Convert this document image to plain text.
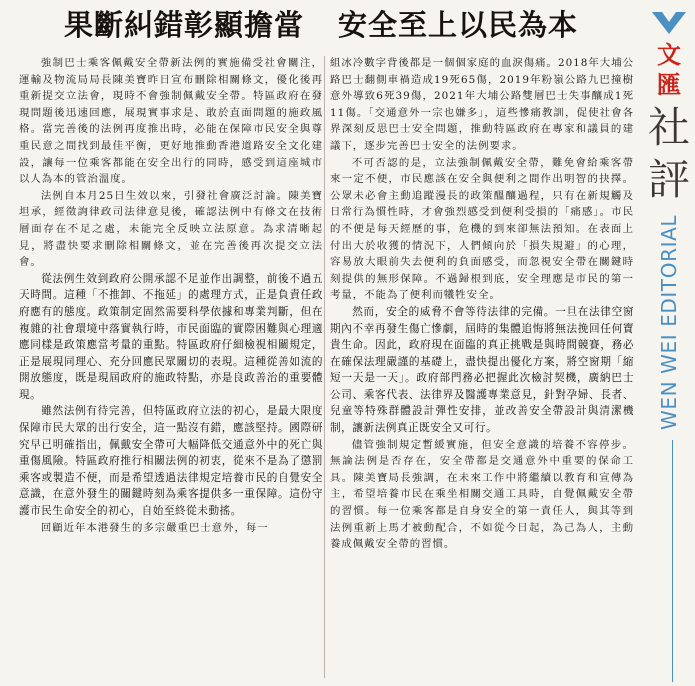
果斷糾錯彰顯擔當 安全至上以民為本

強制巴士乘客佩戴安全帶新法例的實施備受社會關注，運輸及物流局局長陳美寶昨日宣布刪除相關條文，優化後再重新提交立法會，現時不會強制佩戴安全帶。特區政府在發現問題後迅速回應，展現實事求是、敢於直面問題的施政風格。當完善後的法例再度推出時，必能在保障市民安全與尊重民意之間找到最佳平衡，更好地推動香港道路安全文化建設，讓每一位乘客都能在安全出行的同時，感受到這座城市以人為本的管治溫度。

法例自本月25日生效以來，引發社會廣泛討論。陳美寶坦承，經徵詢律政司法律意見後，確認法例中有條文在技術層面存在不足之處，未能完全反映立法原意。為求清晰起見，將盡快要求刪除相關條文，並在完善後再次提交立法會。

從法例生效到政府公開承認不足並作出調整，前後不過五天時間。這種「不推卸、不拖延」的處理方式，正是負責任政府應有的態度。政策制定固然需要科學依據和專業判斷，但在複雜的社會環境中落實執行時，市民面臨的實際困難與心理適應同樣是政策應當考量的重點。特區政府仔細檢視相關規定，正是展現同理心、充分回應民眾關切的表現。這種從善如流的開放態度，既是現屆政府的施政特點，亦是良政善治的重要體現。

雖然法例有待完善，但特區政府立法的初心，是最大限度保障市民大眾的出行安全，這一點沒有錯，應該堅持。國際研究早已明確指出，佩戴安全帶可大幅降低交通意外中的死亡與重傷風險。特區政府推行相關法例的初衷，從來不是為了懲罰乘客或製造不便，而是希望透過法律規定培養市民的自覺安全意識，在意外發生的關鍵時刻為乘客提供多一重保障。這份守護市民生命安全的初心，自始至終從未動搖。

回顧近年本港發生的多宗嚴重巴士意外，每一

組冰冷數字背後都是一個個家庭的血淚傷痛。2018年大埔公路巴士翻側車禍造成19死65傷，2019年粉嶺公路九巴撞樹意外導致6死39傷，2021年大埔公路雙層巴士失事釀成1死11傷。「交通意外一宗也嫌多」，這些慘痛教訓，促使社會各界深刻反思巴士安全問題，推動特區政府在專家和議員的建議下，逐步完善巴士安全的法例要求。

不可否認的是，立法強制佩戴安全帶，難免會給乘客帶來一定不便，市民應該在安全與便利之間作出明智的抉擇。公眾未必會主動追蹤漫長的政策醞釀過程，只有在新規觸及日常行為慣性時，才會強烈感受到便利受損的「痛感」。市民的不便是每天經歷的事，危機的到來卻無法預知。在表面上付出大於收獲的情況下，人們傾向於「損失規避」的心理，容易放大眼前失去便利的負面感受，而忽視安全帶在關鍵時刻提供的無形保障。不過歸根到底，安全理應是市民的第一考量，不能為了便利而犧牲安全。

然而，安全的威脅不會等待法律的完備。一旦在法律空窗期內不幸再發生傷亡慘劇，屆時的集體追悔將無法挽回任何寶貴生命。因此，政府現在面臨的真正挑戰是與時間競賽，務必在確保法理嚴謹的基礎上，盡快提出優化方案，將空窗期「縮短一天是一天」。政府部門務必把握此次檢討契機，廣納巴士公司、乘客代表、法律界及醫護專業意見，針對孕婦、長者、兒童等特殊群體設計彈性安排，並改善安全帶設計與清潔機制，讓新法例真正既安全又可行。

儘管強制規定暫緩實施，但安全意識的培養不容停步。無論法例是否存在，安全帶都是交通意外中重要的保命工具。陳美寶局長強調，在未來工作中將繼續以教育和宣傳為主，希望培養市民在乘坐相關交通工具時，自覺佩戴安全帶的習慣。每一位乘客都是自身安全的第一責任人，與其等到法例重新上馬才被動配合，不如從今日起，為己為人，主動養成佩戴安全帶的習慣。

文
匯
社
評
WEN WEI EDITORIAL
